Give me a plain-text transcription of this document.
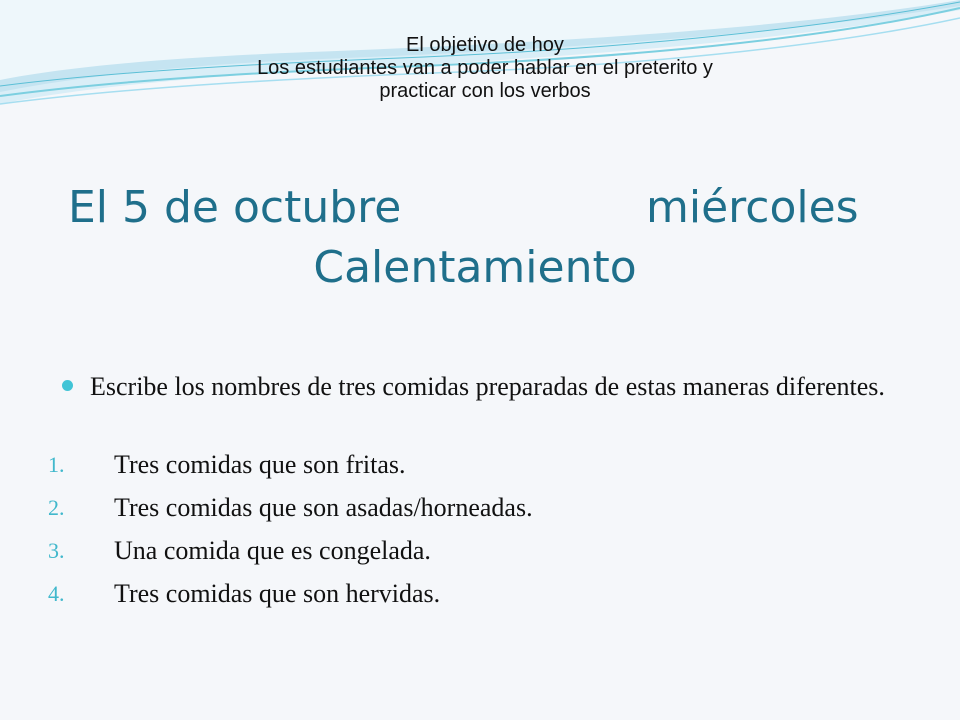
El objetivo de hoy
Los estudiantes van a poder hablar en el preterito y
practicar con los verbos
El 5 de octubre	miércoles
Calentamiento
Escribe los nombres de tres comidas preparadas de estas maneras diferentes.
1.	Tres comidas que son fritas.
2.	Tres comidas que son asadas/horneadas.
3.	Una comida que es congelada.
4.	Tres comidas que son hervidas.
